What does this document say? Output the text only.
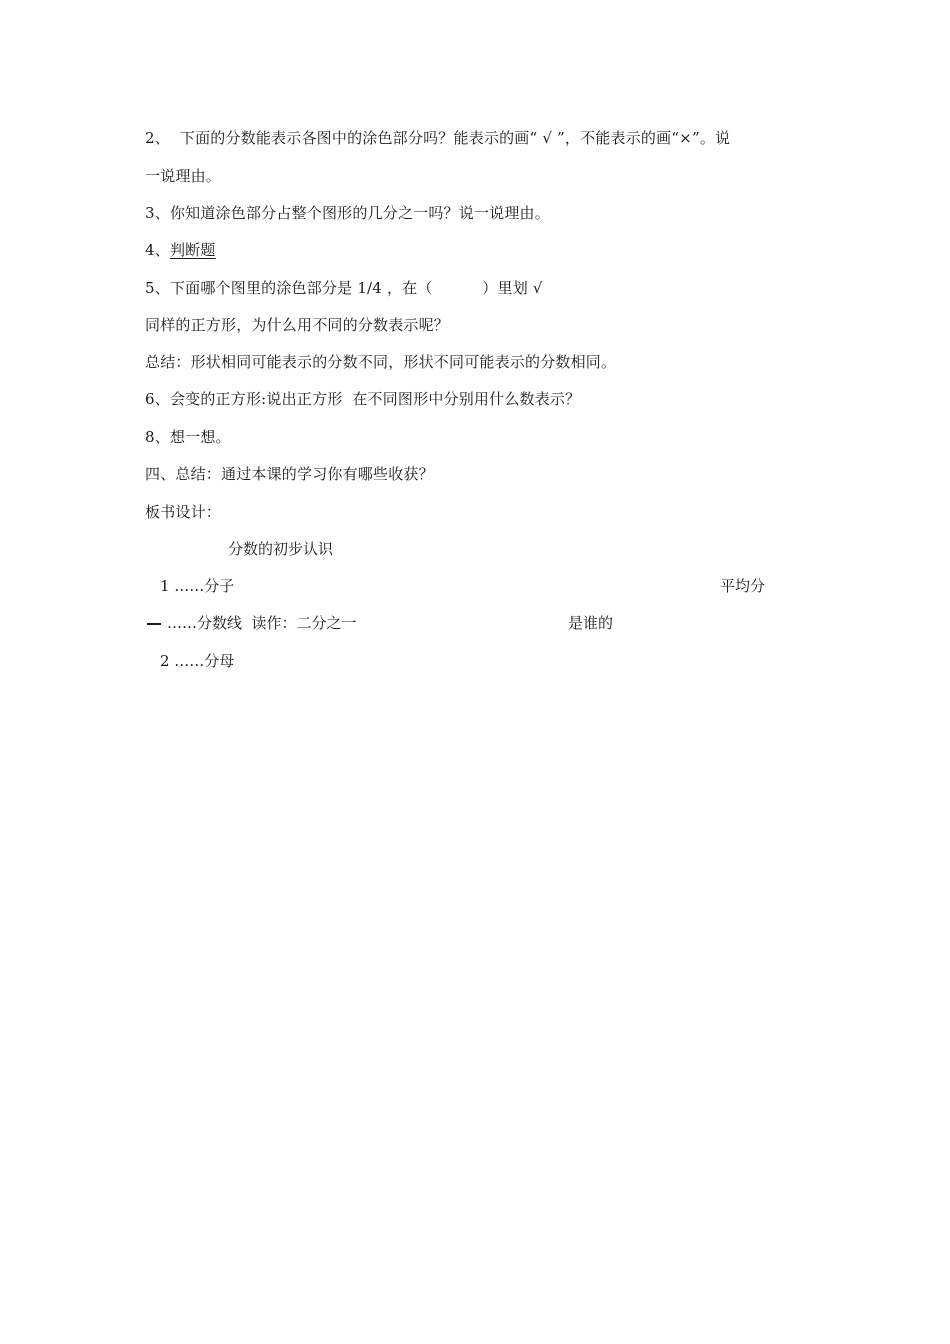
2、  下面的分数能表示各图中的涂色部分吗？能表示的画“ √ ”，不能表示的画“×”。说
一说理由。
3、你知道涂色部分占整个图形的几分之一吗？说一说理由。
4、判断题
5、下面哪个图里的涂色部分是 1/4 ，在（          ）里划 √
同样的正方形，为什么用不同的分数表示呢？
总结：形状相同可能表示的分数不同，形状不同可能表示的分数相同。
6、会变的正方形:说出正方形  在不同图形中分别用什么数表示？
8、想一想。
四、总结：通过本课的学习你有哪些收获？
板书设计：
分数的初步认识
1 ……分子	平均分
……分数线  读作：二分之一	是谁的
2 ……分母
